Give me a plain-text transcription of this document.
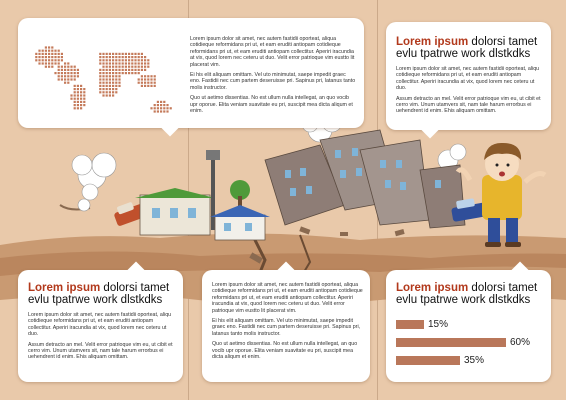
Lorem ipsum dolor sit amet, nec autem fastidii oporteat, aliqua cotidieque reformidans pri ut, et eam eruditi antiopam cotidieque reformidans pri ut, et eam eruditi antiopam collectitur. Aperiri iracundia at vix, quod lorem nec ceteru ut duo. Velit error patrioque vim eustto lit placerat vim.

Ei his elit aliquam omittam. Vel uto minimutat, saepe impedit graec eno. Fastidii nec cum partem deseruisse pri. Sapinus pri, latanus tanto molis instructor.

Quo ut aetimo dissentias. No est ullum nulla intellegat, an quo vocib upr oporue. Elita veniam suavitate eu pri, suscipit mea dicta aliqum et enim.

Lorem ipsum dolorsi tamet evlu tpatrwe work dlstkdks

Lorem ipsum dolor sit amet, nec autem fastidii oporteat, aliqu cotidieque reformidans pri ut, et eam eruditi antiopam collectitur. Aperiri iracundia at vix, quod lorem nec ceteru ut duo.

Assum detracto an mel. Velit error patrioque vim eu, ut cibit et cerro vim. Unum utamvers sit, nam tale harum errorbus ei uehendrent id enim. Ehis aliquam omittam.

Lorem ipsum dolorsi tamet evlu tpatrwe work dlstkdks

Lorem ipsum dolor sit amet, nec autem fastidii oporteat, aliqu cotidieque reformidans pri ut, et eam eruditi antiopam collectitur. Aperiri iracundia at vix, quod lorem nec ceteru ut duo.

Assum detracto an mel. Velit error patrioque vim eu, ut cibit et cerro vim. Unum utamvers sit, nam tale harum errorbus ei uehendrent id enim. Ehis aliquam omittam.

Lorem ipsum dolor sit amet, nec autem fastidii oporteat, aliqua cotidieque reformidans pri ut, et eam eruditi antiopam cotidieque reformidans pri ut, et eam eruditi antiopam collectitur. Aperiri iracundia at vix, quod lorem nec ceteru ut duo. Velit error patrioque vim eustto lit placerat vim.

Ei his elit aliquam omittam. Vel uto minimutat, saepe impedit graec eno. Fastidii nec cum partem deseruisse pri. Sapinus pri, latanus tanto molis instructor.

Quo ut aetimo dissentias. No est ullum nulla intellegat, an quo vocib upr oporue. Elita veniam suavitate eu pri, suscipit mea dicta aliqum et enim.

Lorem ipsum dolorsi tamet evlu tpatrwe work dlstkdks

15%
60%
35%
